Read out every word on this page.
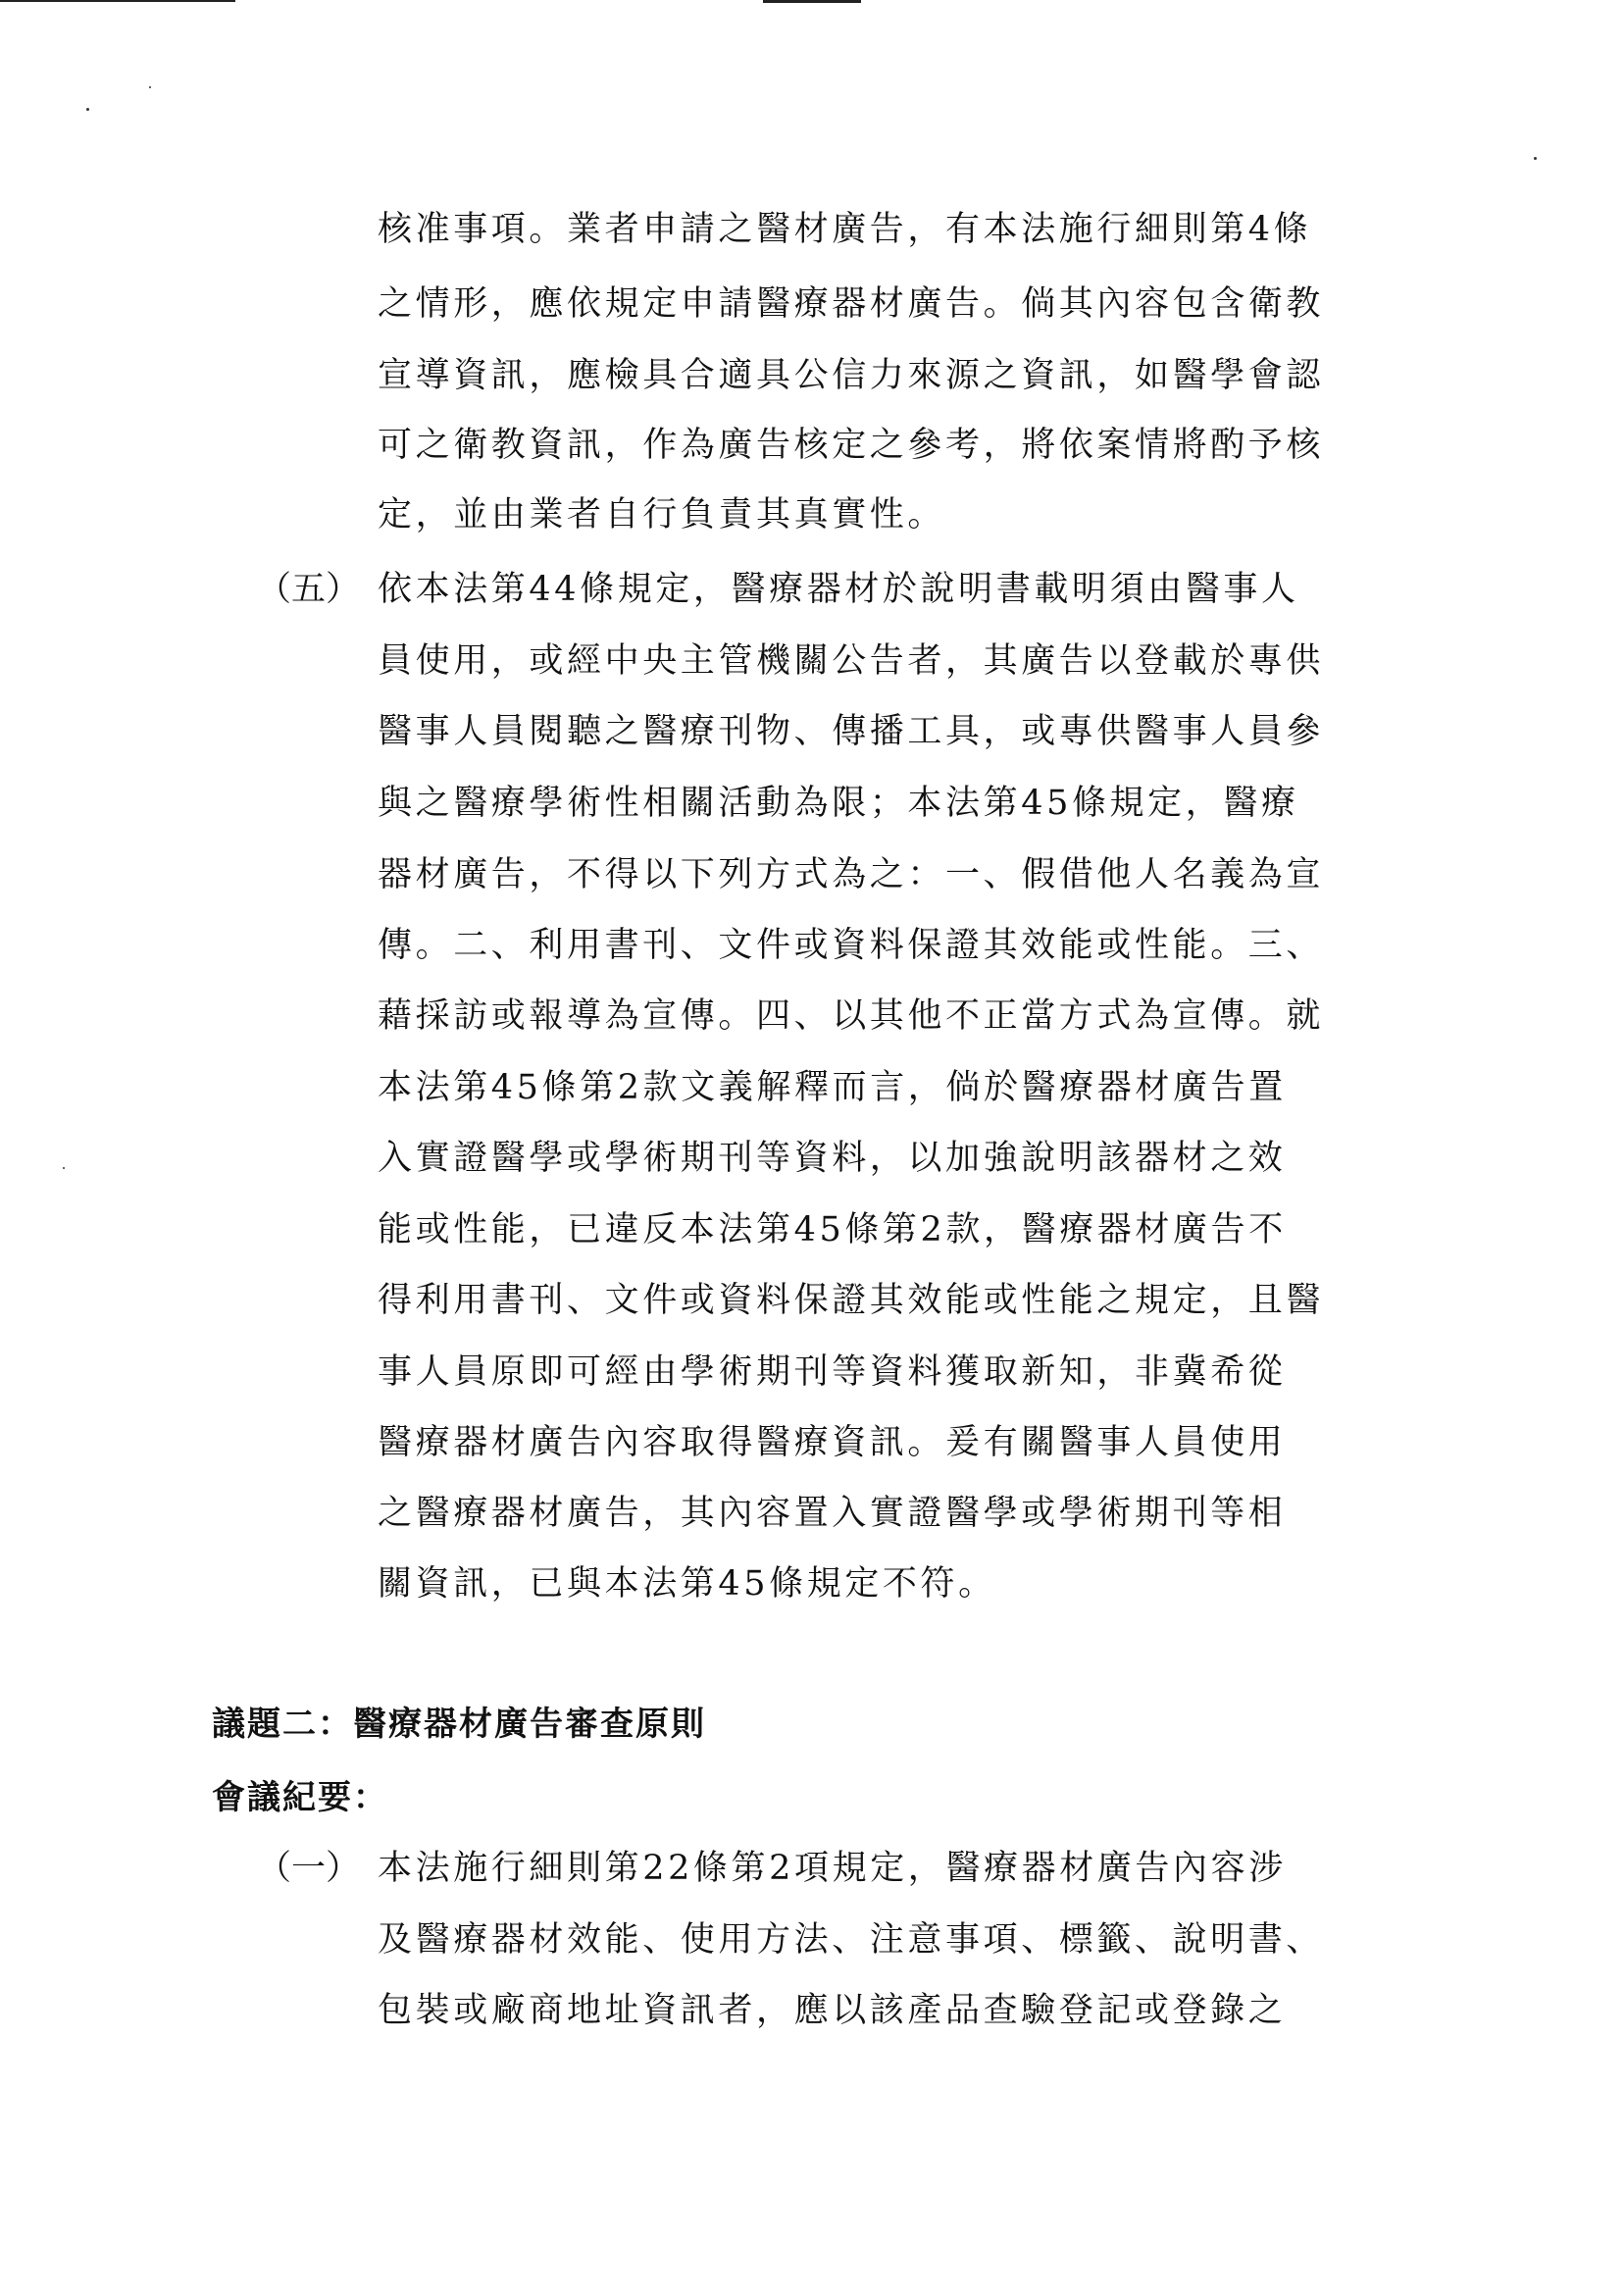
核准事項。業者申請之醫材廣告，有本法施行細則第4條
之情形，應依規定申請醫療器材廣告。倘其內容包含衛教
宣導資訊，應檢具合適具公信力來源之資訊，如醫學會認
可之衛教資訊，作為廣告核定之參考，將依案情將酌予核
定，並由業者自行負責其真實性。
（五） 依本法第44條規定，醫療器材於說明書載明須由醫事人
員使用，或經中央主管機關公告者，其廣告以登載於專供
醫事人員閱聽之醫療刊物、傳播工具，或專供醫事人員參
與之醫療學術性相關活動為限；本法第45條規定，醫療
器材廣告，不得以下列方式為之：一、假借他人名義為宣
傳。二、利用書刊、文件或資料保證其效能或性能。三、
藉採訪或報導為宣傳。四、以其他不正當方式為宣傳。就
本法第45條第2款文義解釋而言，倘於醫療器材廣告置
入實證醫學或學術期刊等資料，以加強說明該器材之效
能或性能，已違反本法第45條第2款，醫療器材廣告不
得利用書刊、文件或資料保證其效能或性能之規定，且醫
事人員原即可經由學術期刊等資料獲取新知，非冀希從
醫療器材廣告內容取得醫療資訊。爰有關醫事人員使用
之醫療器材廣告，其內容置入實證醫學或學術期刊等相
關資訊，已與本法第45條規定不符。
議題二：醫療器材廣告審查原則
會議紀要：
（一） 本法施行細則第22條第2項規定，醫療器材廣告內容涉
及醫療器材效能、使用方法、注意事項、標籤、說明書、
包裝或廠商地址資訊者，應以該產品查驗登記或登錄之
